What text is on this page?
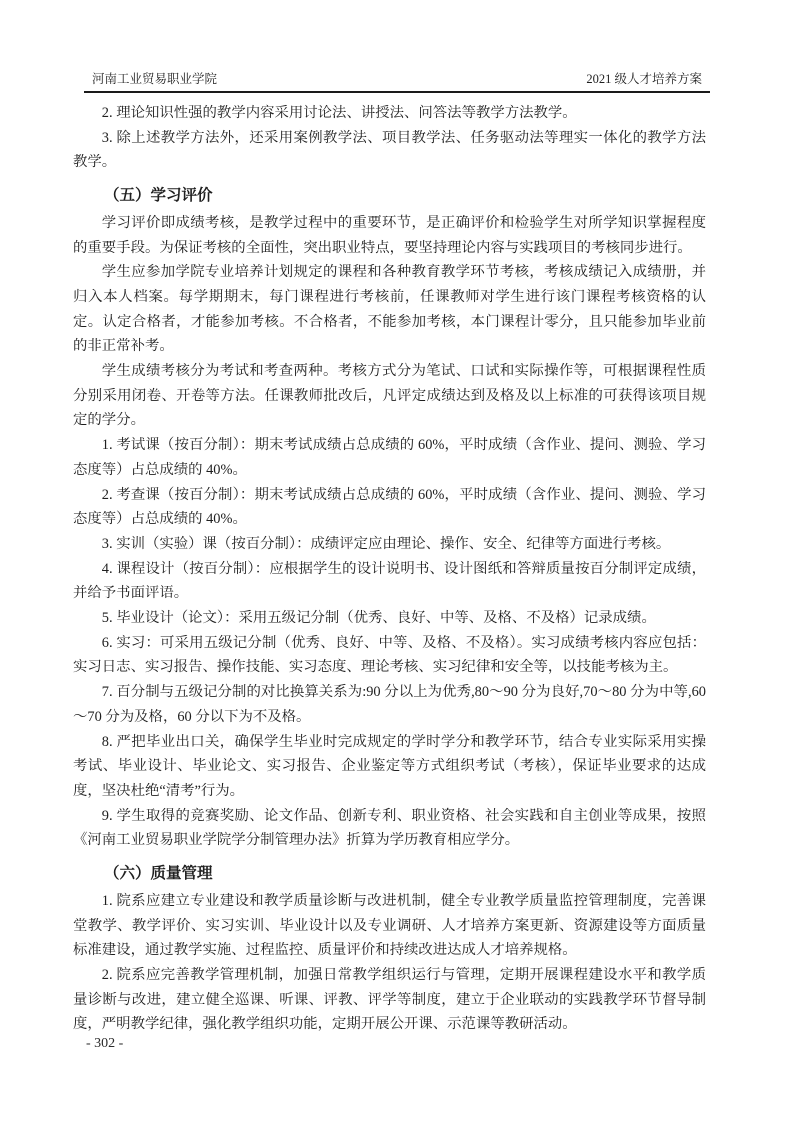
河南工业贸易职业学院	2021 级人才培养方案

2. 理论知识性强的教学内容采用讨论法、讲授法、问答法等教学方法教学。

3. 除上述教学方法外，还采用案例教学法、项目教学法、任务驱动法等理实一体化的教学方法教学。

（五）学习评价

学习评价即成绩考核，是教学过程中的重要环节，是正确评价和检验学生对所学知识掌握程度的重要手段。为保证考核的全面性，突出职业特点，要坚持理论内容与实践项目的考核同步进行。

学生应参加学院专业培养计划规定的课程和各种教育教学环节考核，考核成绩记入成绩册，并归入本人档案。每学期期末，每门课程进行考核前，任课教师对学生进行该门课程考核资格的认定。认定合格者，才能参加考核。不合格者，不能参加考核，本门课程计零分，且只能参加毕业前的非正常补考。

学生成绩考核分为考试和考查两种。考核方式分为笔试、口试和实际操作等，可根据课程性质分别采用闭卷、开卷等方法。任课教师批改后，凡评定成绩达到及格及以上标准的可获得该项目规定的学分。

1. 考试课（按百分制）：期末考试成绩占总成绩的 60%，平时成绩（含作业、提问、测验、学习态度等）占总成绩的 40%。

2. 考查课（按百分制）：期末考试成绩占总成绩的 60%，平时成绩（含作业、提问、测验、学习态度等）占总成绩的 40%。

3. 实训（实验）课（按百分制）：成绩评定应由理论、操作、安全、纪律等方面进行考核。

4. 课程设计（按百分制）：应根据学生的设计说明书、设计图纸和答辩质量按百分制评定成绩，并给予书面评语。

5. 毕业设计（论文）：采用五级记分制（优秀、良好、中等、及格、不及格）记录成绩。

6. 实习：可采用五级记分制（优秀、良好、中等、及格、不及格）。实习成绩考核内容应包括：实习日志、实习报告、操作技能、实习态度、理论考核、实习纪律和安全等，以技能考核为主。

7. 百分制与五级记分制的对比换算关系为:90 分以上为优秀,80～90 分为良好,70～80 分为中等,60～70 分为及格，60 分以下为不及格。

8. 严把毕业出口关，确保学生毕业时完成规定的学时学分和教学环节，结合专业实际采用实操考试、毕业设计、毕业论文、实习报告、企业鉴定等方式组织考试（考核），保证毕业要求的达成度，坚决杜绝“清考”行为。

9. 学生取得的竞赛奖励、论文作品、创新专利、职业资格、社会实践和自主创业等成果，按照《河南工业贸易职业学院学分制管理办法》折算为学历教育相应学分。

（六）质量管理

1. 院系应建立专业建设和教学质量诊断与改进机制，健全专业教学质量监控管理制度，完善课堂教学、教学评价、实习实训、毕业设计以及专业调研、人才培养方案更新、资源建设等方面质量标准建设，通过教学实施、过程监控、质量评价和持续改进达成人才培养规格。

2. 院系应完善教学管理机制，加强日常教学组织运行与管理，定期开展课程建设水平和教学质量诊断与改进，建立健全巡课、听课、评教、评学等制度，建立于企业联动的实践教学环节督导制度，严明教学纪律，强化教学组织功能，定期开展公开课、示范课等教研活动。

- 302 -
